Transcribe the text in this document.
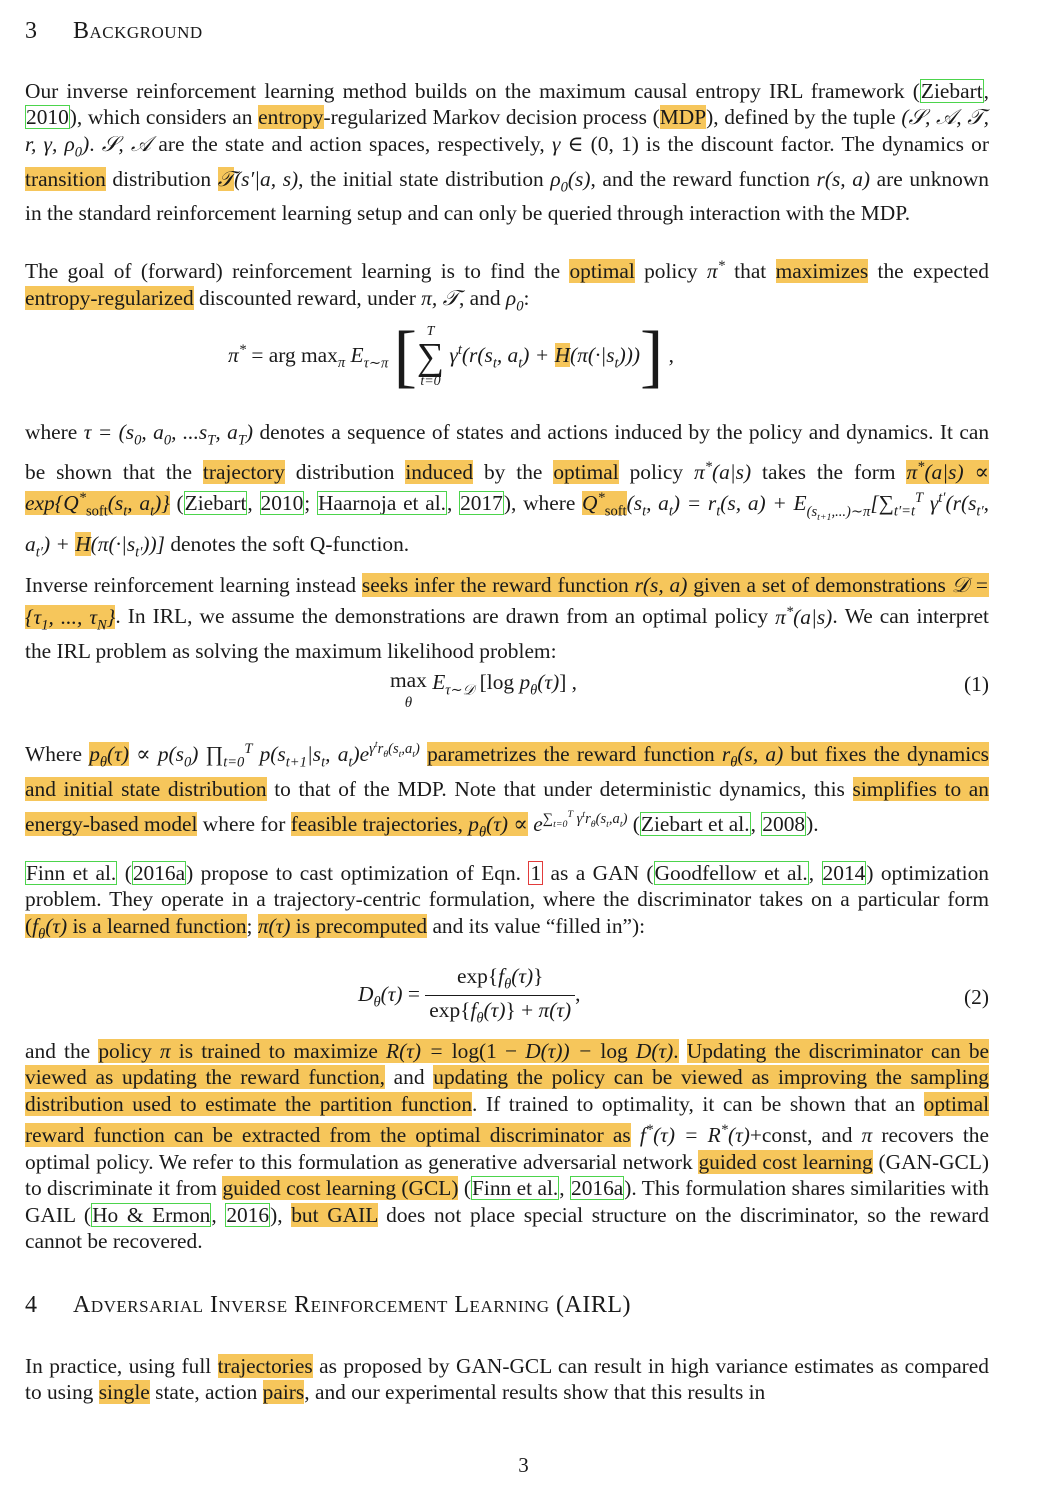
3 Background
Our inverse reinforcement learning method builds on the maximum causal entropy IRL framework (Ziebart, 2010), which considers an entropy-regularized Markov decision process (MDP), defined by the tuple (𝒮, 𝒜, 𝒯, r, γ, $\rho_0$). 𝒮, 𝒜 are the state and action spaces, respectively, γ ∈ (0, 1) is the discount factor. The dynamics or transition distribution 𝒯(s′|a, s), the initial state distribution $\rho_0(s)$, and the reward function r(s, a) are unknown in the standard reinforcement learning setup and can only be queried through interaction with the MDP.
The goal of (forward) reinforcement learning is to find the optimal policy π* that maximizes the expected entropy-regularized discounted reward, under π, 𝒯, and $\rho_0$:
π* = arg $\max_\pi E_{\tau\sim\pi}$ [ T
∑
t=0
$\gamma^t(r(s_t$, $a_t) + H(\pi(\cdot|s_t))$)] ,
where $\tau = (s_0$, $a_0$, $...s_T$, $a_T$) denotes a sequence of states and actions induced by the policy and dynamics. It can be shown that the trajectory distribution induced by the optimal policy π*(a|s) takes the form $\pi^*(a|s) \propto \exp\{Q^*_{soft}(s_t$, $a_t$)} (Ziebart, 2010; Haarnoja et al., 2017), where $Q^*_{soft}(s_t$, $a_t) = r_t(s$, $a) + E_{(s_{t+1},...)\sim\pi}[\sum_{t'=t}^T$ $\gamma^{t'}(r(s_{t'}$, $a_{t'}) + H(\pi(\cdot|s_{t'}))$] denotes the soft Q-function.
Inverse reinforcement learning instead seeks infer the reward function r(s, a) given a set of demonstrations 𝒟 = {$\tau_1$, ..., $\tau_N$}. In IRL, we assume the demonstrations are drawn from an optimal policy π*(a|s). We can interpret the IRL problem as solving the maximum likelihood problem:
max
θ $E_{\tau\sim 𝒟}$ [log $p_\theta(\tau)$] ,	(1)
Where $p_\theta(\tau) \propto p(s_0)$ $\prod_{t=0}^T$ $p(s_{t+1}|s_t$, $a_t)e^{\gamma^tr_\theta(s_t,a_t)}$ parametrizes the reward function $r_\theta(s$, a) but fixes the dynamics and initial state distribution to that of the MDP. Note that under deterministic dynamics, this simplifies to an energy-based model where for feasible trajectories, $p_\theta(\tau) \propto e^{\sum_{t=0}^T \gamma^tr_\theta(s_t,a_t)}$ (Ziebart et al., 2008).
Finn et al. (2016a) propose to cast optimization of Eqn. 1 as a GAN (Goodfellow et al., 2014) optimization problem. They operate in a trajectory-centric formulation, where the discriminator takes on a particular form ($f_\theta(\tau)$ is a learned function; π(τ) is precomputed and its value “filled in”):
$D_\theta(\tau) = \frac{\exp\{f_\theta(\tau)\}}{\exp\{f_\theta(\tau)\} + \pi(\tau)}$ ,	(2)
and the policy π is trained to maximize R(τ) = log(1 − D(τ)) − log D(τ). Updating the discriminator can be viewed as updating the reward function, and updating the policy can be viewed as improving the sampling distribution used to estimate the partition function. If trained to optimality, it can be shown that an optimal reward function can be extracted from the optimal discriminator as f*(τ) = R*(τ)+const, and π recovers the optimal policy. We refer to this formulation as generative adversarial network guided cost learning (GAN-GCL) to discriminate it from guided cost learning (GCL) (Finn et al., 2016a). This formulation shares similarities with GAIL (Ho & Ermon, 2016), but GAIL does not place special structure on the discriminator, so the reward cannot be recovered.
4 Adversarial Inverse Reinforcement Learning (AIRL)
In practice, using full trajectories as proposed by GAN-GCL can result in high variance estimates as compared to using single state, action pairs, and our experimental results show that this results in
3
